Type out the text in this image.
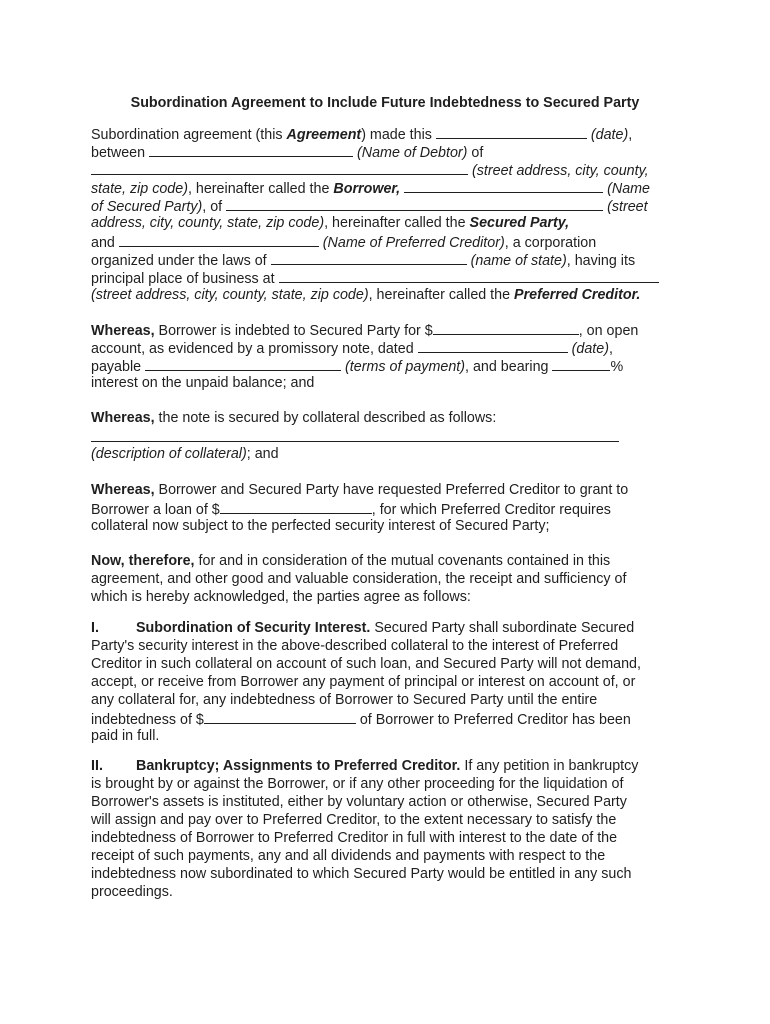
Subordination Agreement to Include Future Indebtedness to Secured Party
Subordination agreement (this Agreement) made this	(date),
between	(Name of Debtor) of
(street address, city, county,
state, zip code), hereinafter called the Borrower,	(Name
of Secured Party), of	(street
address, city, county, state, zip code), hereinafter called the Secured Party,
and	(Name of Preferred Creditor), a corporation
organized under the laws of	(name of state), having its
principal place of business at
(street address, city, county, state, zip code), hereinafter called the Preferred Creditor.
Whereas, Borrower is indebted to Secured Party for $	, on open
account, as evidenced by a promissory note, dated	(date),
payable	(terms of payment), and bearing	%
interest on the unpaid balance; and
Whereas, the note is secured by collateral described as follows:
(description of collateral); and
Whereas, Borrower and Secured Party have requested Preferred Creditor to grant to
Borrower a loan of $	, for which Preferred Creditor requires
collateral now subject to the perfected security interest of Secured Party;
Now, therefore, for and in consideration of the mutual covenants contained in this
agreement, and other good and valuable consideration, the receipt and sufficiency of
which is hereby acknowledged, the parties agree as follows:
I.	Subordination of Security Interest. Secured Party shall subordinate Secured
Party's security interest in the above-described collateral to the interest of Preferred
Creditor in such collateral on account of such loan, and Secured Party will not demand,
accept, or receive from Borrower any payment of principal or interest on account of, or
any collateral for, any indebtedness of Borrower to Secured Party until the entire
indebtedness of $	of Borrower to Preferred Creditor has been
paid in full.
II. Bankruptcy; Assignments to Preferred Creditor. If any petition in bankruptcy
is brought by or against the Borrower, or if any other proceeding for the liquidation of
Borrower's assets is instituted, either by voluntary action or otherwise, Secured Party
will assign and pay over to Preferred Creditor, to the extent necessary to satisfy the
indebtedness of Borrower to Preferred Creditor in full with interest to the date of the
receipt of such payments, any and all dividends and payments with respect to the
indebtedness now subordinated to which Secured Party would be entitled in any such
proceedings.
